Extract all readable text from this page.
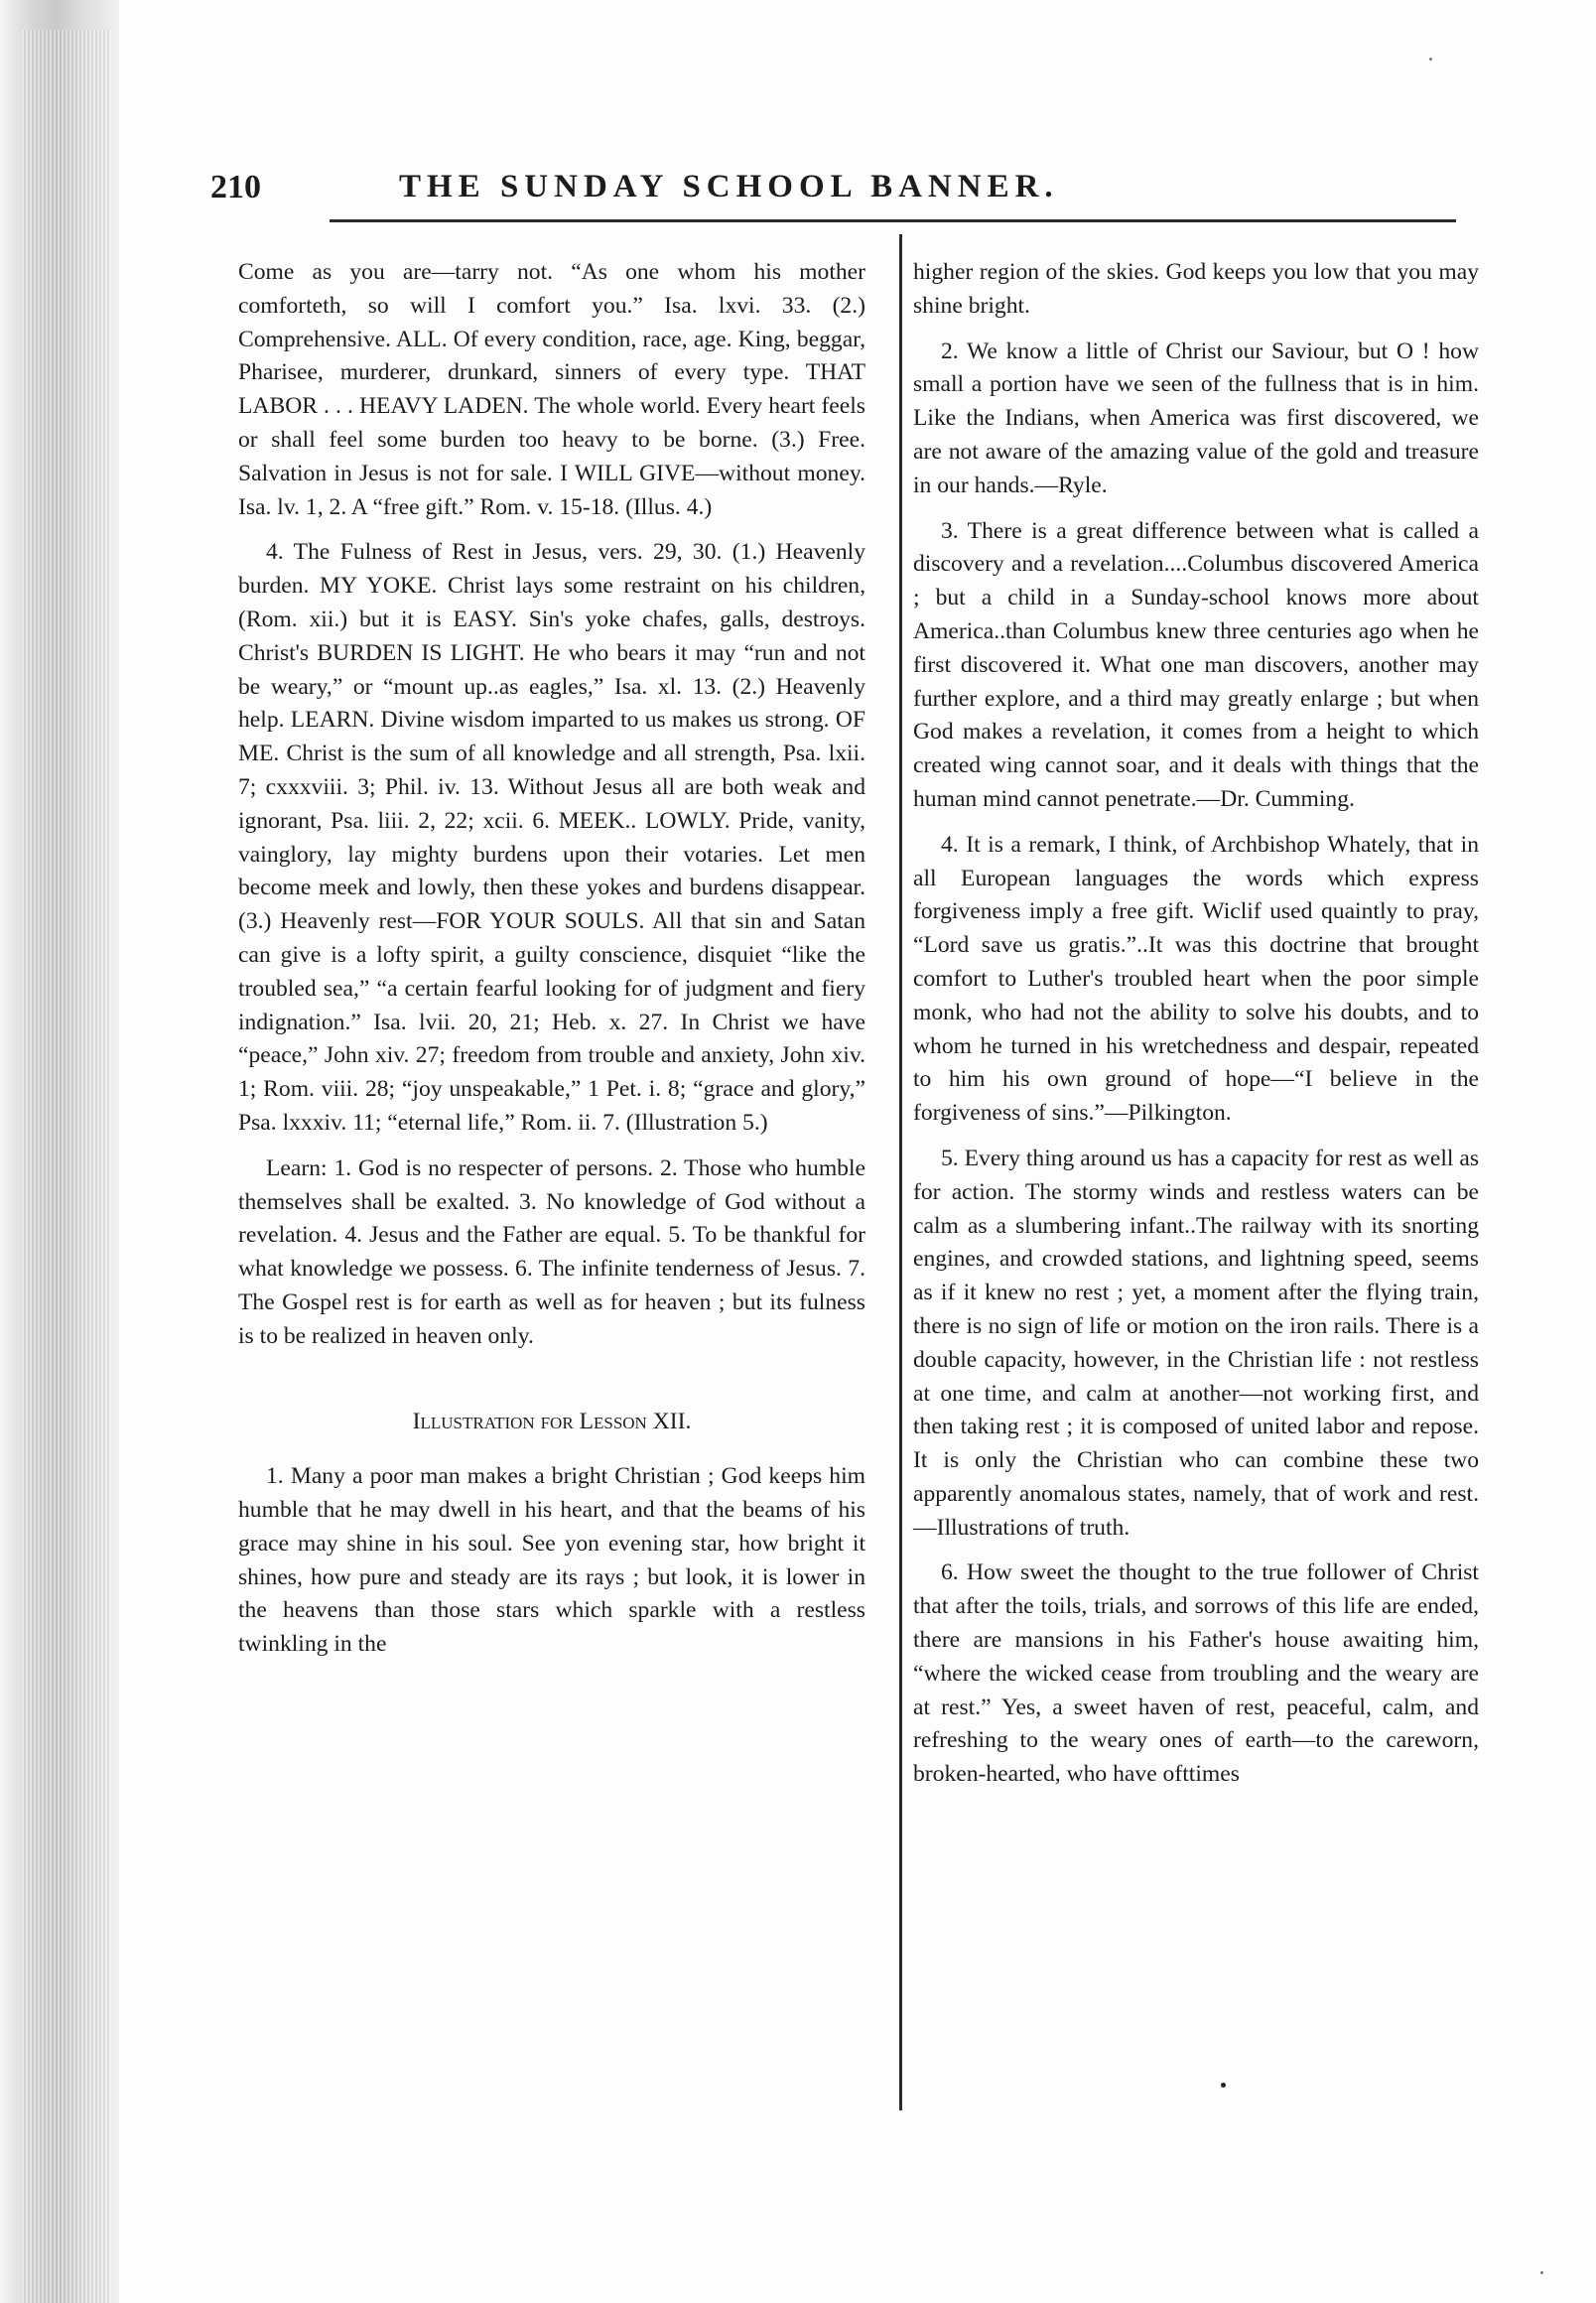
210	THE SUNDAY SCHOOL BANNER.

Come as you are—tarry not. “As one whom his mother comforteth, so will I comfort you.” Isa. lxvi. 33. (2.) Comprehensive. ALL. Of every condition, race, age. King, beggar, Pharisee, murderer, drunkard, sinners of every type. THAT LABOR . . . HEAVY LADEN. The whole world. Every heart feels or shall feel some burden too heavy to be borne. (3.) Free. Salvation in Jesus is not for sale. I WILL GIVE—without money. Isa. lv. 1, 2. A “free gift.” Rom. v. 15-18. (Illus. 4.)

4. The Fulness of Rest in Jesus, vers. 29, 30. (1.) Heavenly burden. MY YOKE. Christ lays some restraint on his children, (Rom. xii.) but it is EASY. Sin's yoke chafes, galls, destroys. Christ's BURDEN IS LIGHT. He who bears it may “run and not be weary,” or “mount up..as eagles,” Isa. xl. 13. (2.) Heavenly help. LEARN. Divine wisdom imparted to us makes us strong. OF ME. Christ is the sum of all knowledge and all strength, Psa. lxii. 7; cxxxviii. 3; Phil. iv. 13. Without Jesus all are both weak and ignorant, Psa. liii. 2, 22; xcii. 6. MEEK.. LOWLY. Pride, vanity, vainglory, lay mighty burdens upon their votaries. Let men become meek and lowly, then these yokes and burdens disappear. (3.) Heavenly rest—FOR YOUR SOULS. All that sin and Satan can give is a lofty spirit, a guilty conscience, disquiet “like the troubled sea,” “a certain fearful looking for of judgment and fiery indignation.” Isa. lvii. 20, 21; Heb. x. 27. In Christ we have “peace,” John xiv. 27; freedom from trouble and anxiety, John xiv. 1; Rom. viii. 28; “joy unspeakable,” 1 Pet. i. 8; “grace and glory,” Psa. lxxxiv. 11; “eternal life,” Rom. ii. 7. (Illustration 5.)

Learn: 1. God is no respecter of persons. 2. Those who humble themselves shall be exalted. 3. No knowledge of God without a revelation. 4. Jesus and the Father are equal. 5. To be thankful for what knowledge we possess. 6. The infinite tenderness of Jesus. 7. The Gospel rest is for earth as well as for heaven ; but its fulness is to be realized in heaven only.

Illustration for Lesson XII.

1. Many a poor man makes a bright Christian ; God keeps him humble that he may dwell in his heart, and that the beams of his grace may shine in his soul. See yon evening star, how bright it shines, how pure and steady are its rays ; but look, it is lower in the heavens than those stars which sparkle with a restless twinkling in the

higher region of the skies. God keeps you low that you may shine bright.

2. We know a little of Christ our Saviour, but O ! how small a portion have we seen of the fullness that is in him. Like the Indians, when America was first discovered, we are not aware of the amazing value of the gold and treasure in our hands.—Ryle.

3. There is a great difference between what is called a discovery and a revelation....Columbus discovered America ; but a child in a Sunday-school knows more about America..than Columbus knew three centuries ago when he first discovered it. What one man discovers, another may further explore, and a third may greatly enlarge ; but when God makes a revelation, it comes from a height to which created wing cannot soar, and it deals with things that the human mind cannot penetrate.—Dr. Cumming.

4. It is a remark, I think, of Archbishop Whately, that in all European languages the words which express forgiveness imply a free gift. Wiclif used quaintly to pray, “Lord save us gratis.”..It was this doctrine that brought comfort to Luther's troubled heart when the poor simple monk, who had not the ability to solve his doubts, and to whom he turned in his wretchedness and despair, repeated to him his own ground of hope—“I believe in the forgiveness of sins.”—Pilkington.

5. Every thing around us has a capacity for rest as well as for action. The stormy winds and restless waters can be calm as a slumbering infant..The railway with its snorting engines, and crowded stations, and lightning speed, seems as if it knew no rest ; yet, a moment after the flying train, there is no sign of life or motion on the iron rails. There is a double capacity, however, in the Christian life : not restless at one time, and calm at another—not working first, and then taking rest ; it is composed of united labor and repose. It is only the Christian who can combine these two apparently anomalous states, namely, that of work and rest.—Illustrations of truth.

6. How sweet the thought to the true follower of Christ that after the toils, trials, and sorrows of this life are ended, there are mansions in his Father's house awaiting him, “where the wicked cease from troubling and the weary are at rest.” Yes, a sweet haven of rest, peaceful, calm, and refreshing to the weary ones of earth—to the careworn, broken-hearted, who have ofttimes
